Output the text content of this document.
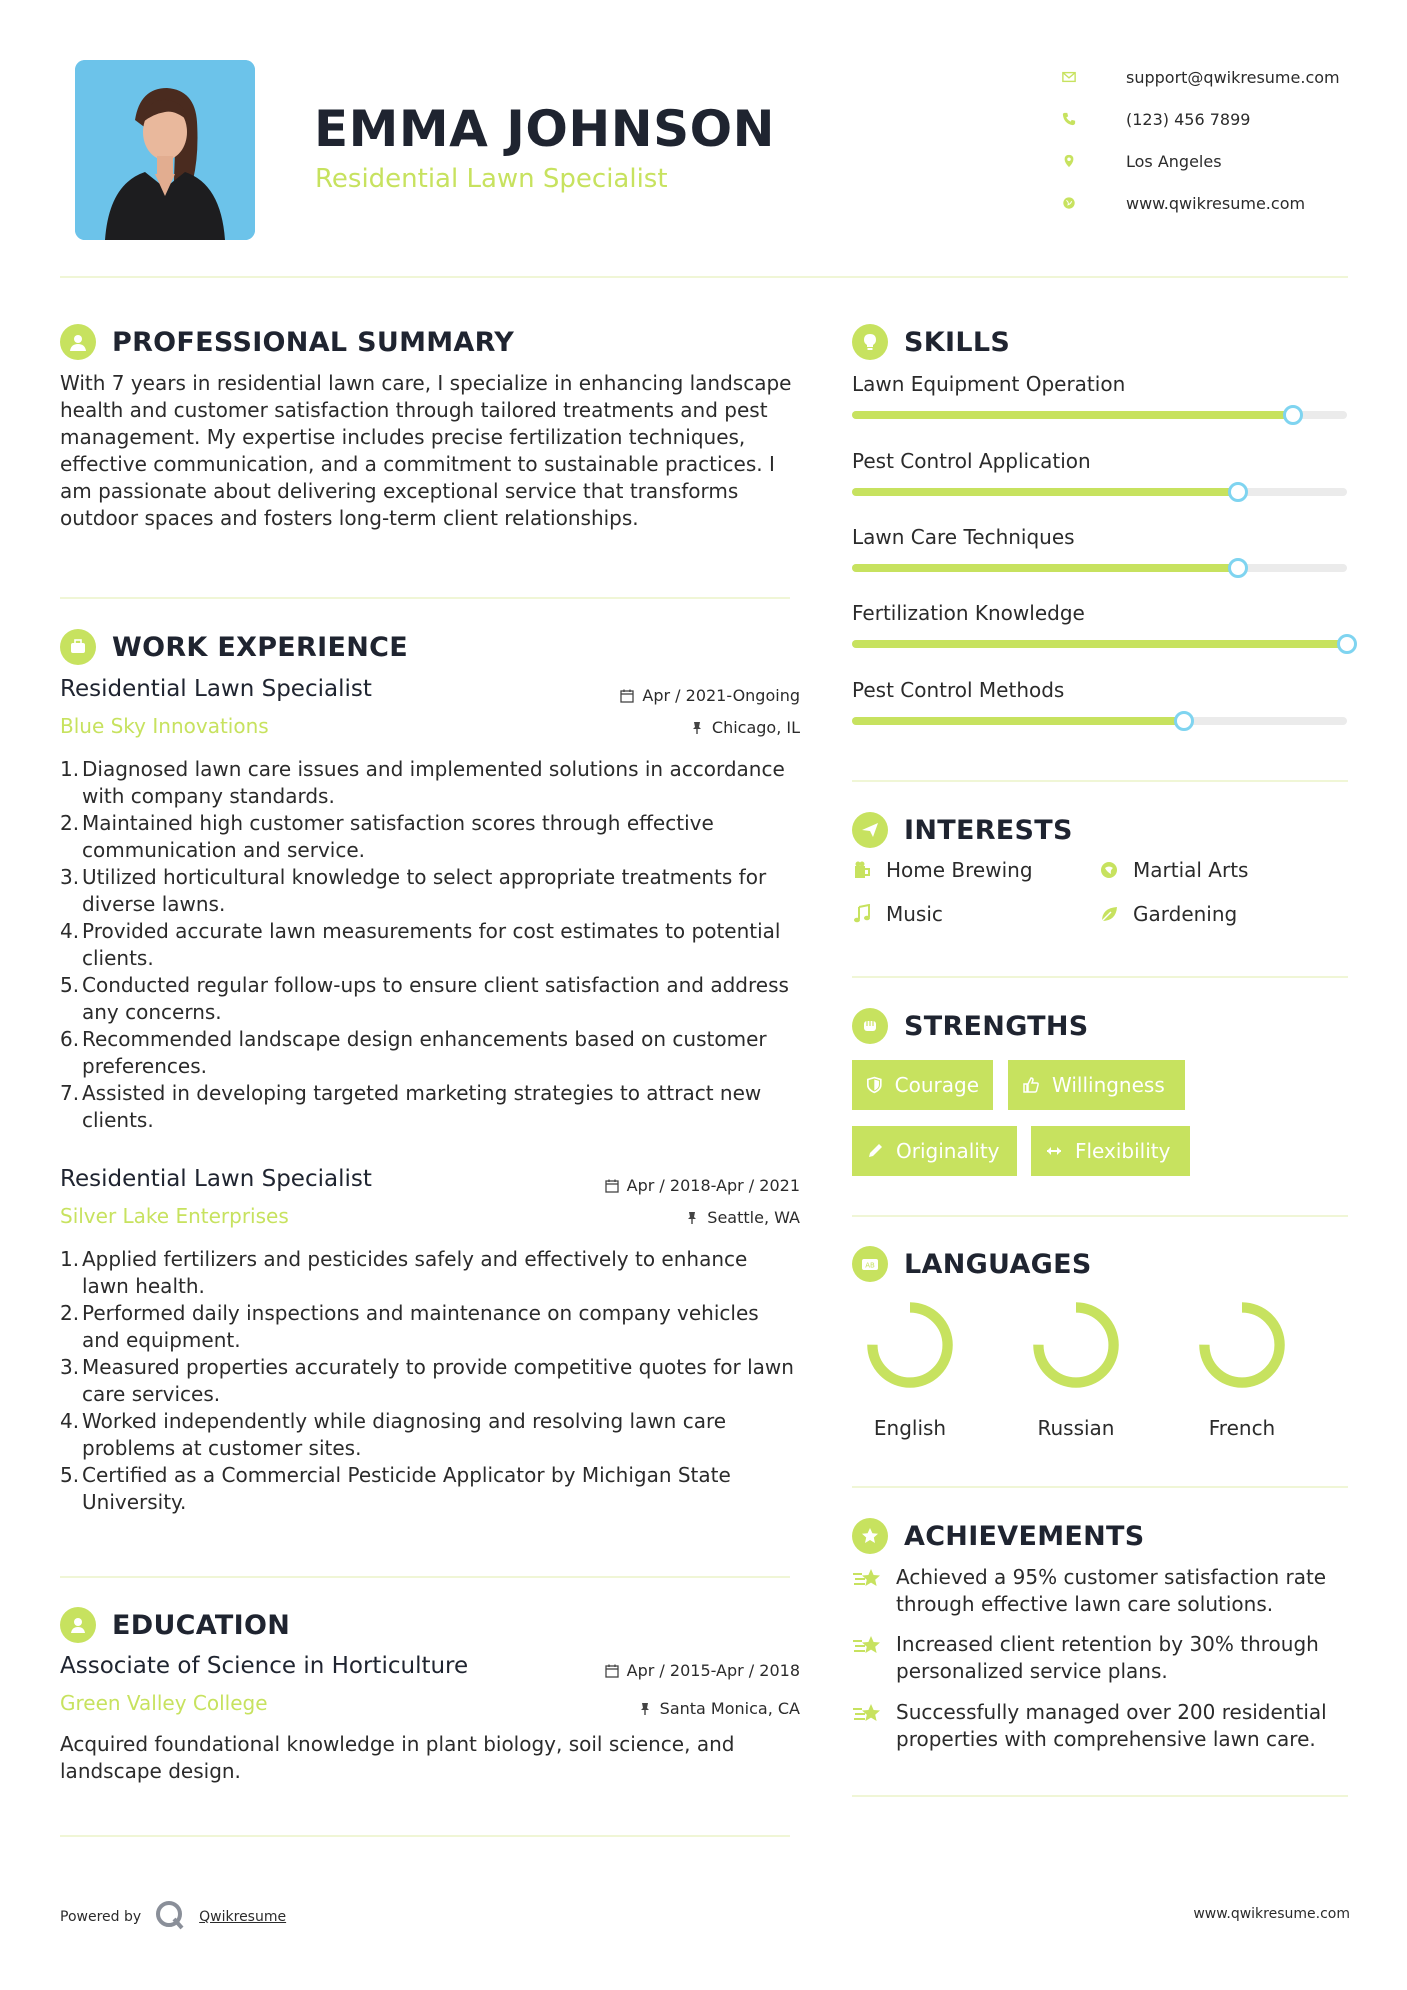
EMMA JOHNSON
Residential Lawn Specialist
support@qwikresume.com
(123) 456 7899
Los Angeles
www.qwikresume.com
PROFESSIONAL SUMMARY
With 7 years in residential lawn care, I specialize in enhancing landscape health and customer satisfaction through tailored treatments and pest management. My expertise includes precise fertilization techniques, effective communication, and a commitment to sustainable practices. I am passionate about delivering exceptional service that transforms outdoor spaces and fosters long-term client relationships.
WORK EXPERIENCE
Residential Lawn Specialist
Blue Sky Innovations
Apr / 2021-Ongoing
Chicago, IL
1. Diagnosed lawn care issues and implemented solutions in accordance with company standards.
2. Maintained high customer satisfaction scores through effective communication and service.
3. Utilized horticultural knowledge to select appropriate treatments for diverse lawns.
4. Provided accurate lawn measurements for cost estimates to potential clients.
5. Conducted regular follow-ups to ensure client satisfaction and address any concerns.
6. Recommended landscape design enhancements based on customer preferences.
7. Assisted in developing targeted marketing strategies to attract new clients.
Residential Lawn Specialist
Silver Lake Enterprises
Apr / 2018-Apr / 2021
Seattle, WA
1. Applied fertilizers and pesticides safely and effectively to enhance lawn health.
2. Performed daily inspections and maintenance on company vehicles and equipment.
3. Measured properties accurately to provide competitive quotes for lawn care services.
4. Worked independently while diagnosing and resolving lawn care problems at customer sites.
5. Certified as a Commercial Pesticide Applicator by Michigan State University.
EDUCATION
Associate of Science in Horticulture
Green Valley College
Apr / 2015-Apr / 2018
Santa Monica, CA
Acquired foundational knowledge in plant biology, soil science, and landscape design.
SKILLS
Lawn Equipment Operation
Pest Control Application
Lawn Care Techniques
Fertilization Knowledge
Pest Control Methods
INTERESTS
Home Brewing	Martial Arts
Music	Gardening
STRENGTHS
Courage	Willingness
Originality	Flexibility
AB LANGUAGES
English	Russian	French
ACHIEVEMENTS
Achieved a 95% customer satisfaction rate through effective lawn care solutions.
Increased client retention by 30% through personalized service plans.
Successfully managed over 200 residential properties with comprehensive lawn care.
Powered by	Qwikresume	www.qwikresume.com
